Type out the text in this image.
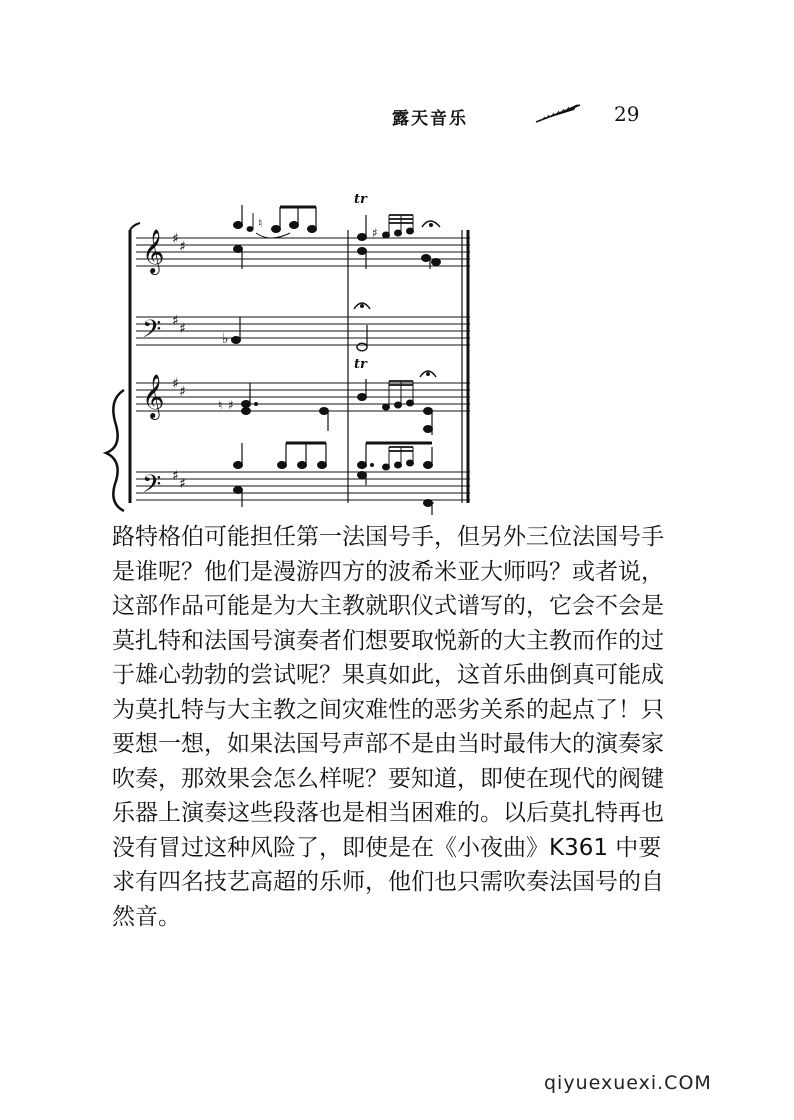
露天音乐	29
𝄞
𝄞
𝄢
𝄢
♯ ♯
♯ ♯
♯ ♯
♯ ♯
♮
tr
♯
♭
♮ ♯
tr
路特格伯可能担任第一法国号手，但另外三位法国号手
是谁呢？他们是漫游四方的波希米亚大师吗？或者说，
这部作品可能是为大主教就职仪式谱写的，它会不会是
莫扎特和法国号演奏者们想要取悦新的大主教而作的过
于雄心勃勃的尝试呢？果真如此，这首乐曲倒真可能成
为莫扎特与大主教之间灾难性的恶劣关系的起点了！只
要想一想，如果法国号声部不是由当时最伟大的演奏家
吹奏，那效果会怎么样呢？要知道，即使在现代的阀键
乐器上演奏这些段落也是相当困难的。以后莫扎特再也
没有冒过这种风险了，即使是在《小夜曲》K361 中要
求有四名技艺高超的乐师，他们也只需吹奏法国号的自
然音。
qiyuexuexi.COM
